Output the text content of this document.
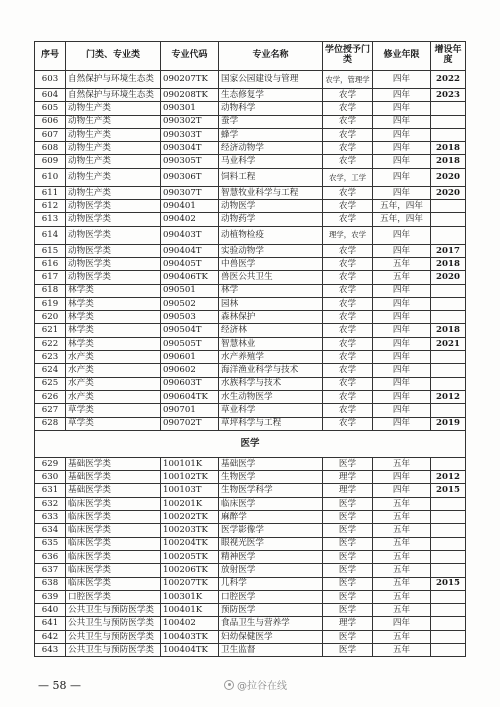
序号	门类、专业类	专业代码	专业名称	学位授予门类	修业年限	增设年度
603	自然保护与环境生态类	090207TK	国家公园建设与管理	农学，管理学	四年	2022
604	自然保护与环境生态类	090208TK	生态修复学	农学	四年	2023
605	动物生产类	090301	动物科学	农学	四年	
606	动物生产类	090302T	蚕学	农学	四年	
607	动物生产类	090303T	蜂学	农学	四年	
608	动物生产类	090304T	经济动物学	农学	四年	2018
609	动物生产类	090305T	马业科学	农学	四年	2018
610	动物生产类	090306T	饲料工程	农学，工学	四年	2020
611	动物生产类	090307T	智慧牧业科学与工程	农学	四年	2020
612	动物医学类	090401	动物医学	农学	五年，四年	
613	动物医学类	090402	动物药学	农学	五年，四年	
614	动物医学类	090403T	动植物检疫	理学，农学	四年	
615	动物医学类	090404T	实验动物学	农学	四年	2017
616	动物医学类	090405T	中兽医学	农学	五年	2018
617	动物医学类	090406TK	兽医公共卫生	农学	五年	2020
618	林学类	090501	林学	农学	四年	
619	林学类	090502	园林	农学	四年	
620	林学类	090503	森林保护	农学	四年	
621	林学类	090504T	经济林	农学	四年	2018
622	林学类	090505T	智慧林业	农学	四年	2021
623	水产类	090601	水产养殖学	农学	四年	
624	水产类	090602	海洋渔业科学与技术	农学	四年	
625	水产类	090603T	水族科学与技术	农学	四年	
626	水产类	090604TK	水生动物医学	农学	四年	2012
627	草学类	090701	草业科学	农学	四年	
628	草学类	090702T	草坪科学与工程	农学	四年	2019
医学						
629	基础医学类	100101K	基础医学	医学	五年	
630	基础医学类	100102TK	生物医学	理学	四年	2012
631	基础医学类	100103T	生物医学科学	理学	四年	2015
632	临床医学类	100201K	临床医学	医学	五年	
633	临床医学类	100202TK	麻醉学	医学	五年	
634	临床医学类	100203TK	医学影像学	医学	五年	
635	临床医学类	100204TK	眼视光医学	医学	五年	
636	临床医学类	100205TK	精神医学	医学	五年	
637	临床医学类	100206TK	放射医学	医学	五年	
638	临床医学类	100207TK	儿科学	医学	五年	2015
639	口腔医学类	100301K	口腔医学	医学	五年	
640	公共卫生与预防医学类	100401K	预防医学	医学	五年	
641	公共卫生与预防医学类	100402	食品卫生与营养学	理学	四年	
642	公共卫生与预防医学类	100403TK	妇幼保健医学	医学	五年	
643	公共卫生与预防医学类	100404TK	卫生监督	医学	五年	
— 58 —	@拉谷在线
